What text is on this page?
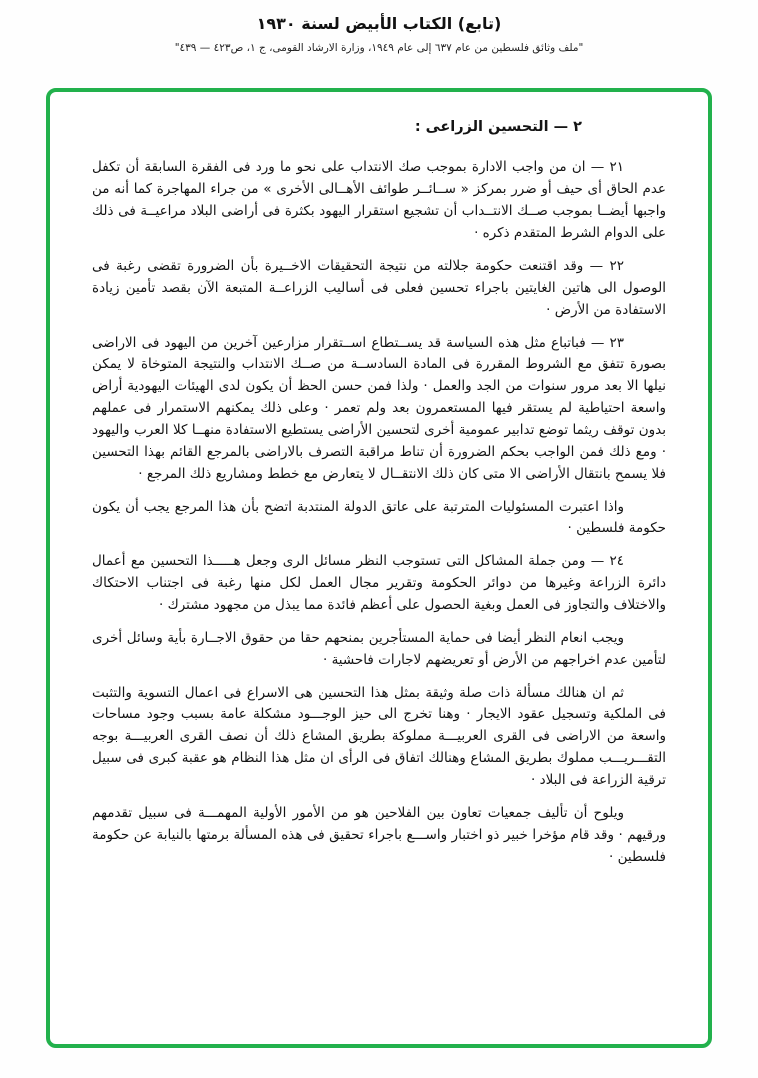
(تابع) الكتاب الأبيض لسنة ١٩٣٠
"ملف وثائق فلسطين من عام ٦٣٧ إلى عام ١٩٤٩، وزارة الارشاد القومى، ج ١، ص٤٢٣ — ٤٣٩"
٢ — التحسين الزراعى :

٢١ — ان من واجب الادارة بموجب صك الانتداب على نحو ما ورد فى الفقرة السابقة أن تكفل عدم الحاق أى حيف أو ضرر بمركز « ســائــر طوائف الأهــالى الأخرى » من جراء المهاجرة كما أنه من واجبها أيضــا بموجب صــك الانتــداب أن تشجيع استقرار اليهود بكثرة فى أراضى البلاد مراعيــة فى ذلك على الدوام الشرط المتقدم ذكره ·

٢٢ — وقد اقتنعت حكومة جلالته من نتيجة التحقيقات الاخــيرة بأن الضرورة تقضى رغبة فى الوصول الى هاتين الغايتين باجراء تحسين فعلى فى أساليب الزراعــة المتبعة الآن بقصد تأمين زيادة الاستفادة من الأرض ·

٢٣ — فباتباع مثل هذه السياسة قد يســتطاع اســتقرار مزارعين آخرين من اليهود فى الاراضى بصورة تتفق مع الشروط المقررة فى المادة السادســة من صــك الانتداب والنتيجة المتوخاة لا يمكن نيلها الا بعد مرور سنوات من الجد والعمل · ولذا فمن حسن الحظ أن يكون لدى الهيئات اليهودية أراض واسعة احتياطية لم يستقر فيها المستعمرون بعد ولم تعمر · وعلى ذلك يمكنهم الاستمرار فى عملهم بدون توقف ريثما توضع تدابير عمومية أخرى لتحسين الأراضى يستطيع الاستفادة منهــا كلا العرب واليهود · ومع ذلك فمن الواجب بحكم الضرورة أن تناط مراقبة التصرف بالاراضى بالمرجع القائم بهذا التحسين فلا يسمح بانتقال الأراضى الا متى كان ذلك الانتقــال لا يتعارض مع خطط ومشاريع ذلك المرجع ·

واذا اعتبرت المسئوليات المترتبة على عاتق الدولة المنتدبة اتضح بأن هذا المرجع يجب أن يكون حكومة فلسطين ·

٢٤ — ومن جملة المشاكل التى تستوجب النظر مسائل الرى وجعل هـــــذا التحسين مع أعمال دائرة الزراعة وغيرها من دوائر الحكومة وتقرير مجال العمل لكل منها رغبة فى اجتناب الاحتكاك والاختلاف والتجاوز فى العمل وبغية الحصول على أعظم فائدة مما يبذل من مجهود مشترك ·

ويجب انعام النظر أيضا فى حماية المستأجرين بمنحهم حقا من حقوق الاجــارة بأية وسائل أخرى لتأمين عدم اخراجهم من الأرض أو تعريضهم لاجارات فاحشية ·

ثم ان هنالك مسألة ذات صلة وثيقة بمثل هذا التحسين هى الاسراع فى اعمال التسوية والتثبت فى الملكية وتسجيل عقود الايجار · وهنا تخرج الى حيز الوجـــود مشكلة عامة بسبب وجود مساحات واسعة من الاراضى فى القرى العربيـــة مملوكة بطريق المشاع ذلك أن نصف القرى العربيـــة بوجه التقـــريـــب مملوك بطريق المشاع وهنالك اتفاق فى الرأى ان مثل هذا النظام هو عقبة كبرى فى سبيل ترقية الزراعة فى البلاد ·

ويلوح أن تأليف جمعيات تعاون بين الفلاحين هو من الأمور الأولية المهمـــة فى سبيل تقدمهم ورقيهم · وقد قام مؤخرا خبير ذو اختبار واســـع باجراء تحقيق فى هذه المسألة برمتها بالنيابة عن حكومة فلسطين ·
